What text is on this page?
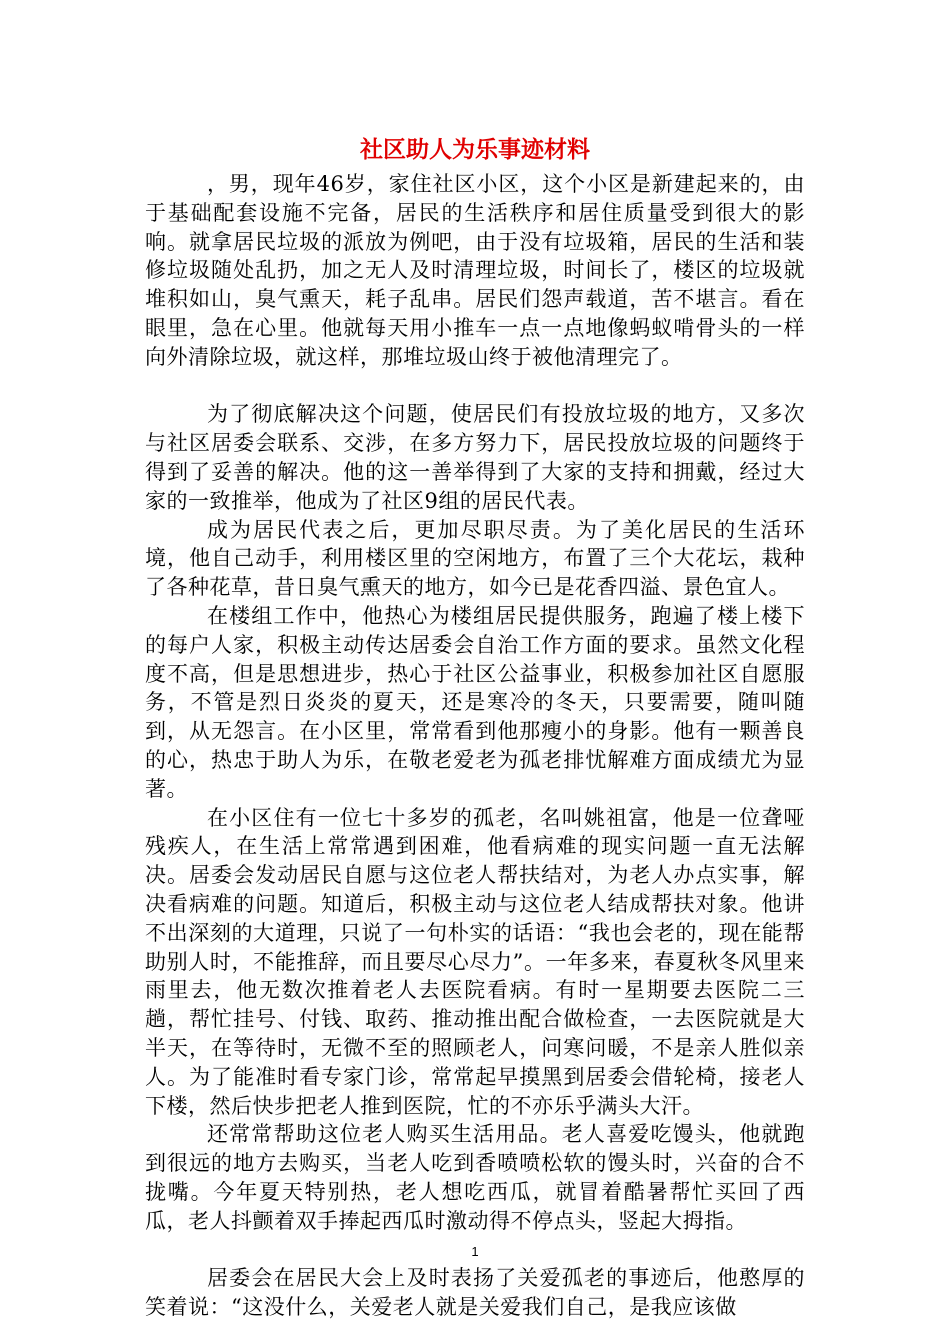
社区助人为乐事迹材料

，男，现年46岁，家住社区小区，这个小区是新建起来的，由于基础配套设施不完备，居民的生活秩序和居住质量受到很大的影响。就拿居民垃圾的派放为例吧，由于没有垃圾箱，居民的生活和装修垃圾随处乱扔，加之无人及时清理垃圾，时间长了，楼区的垃圾就堆积如山，臭气熏天，耗子乱串。居民们怨声载道，苦不堪言。看在眼里，急在心里。他就每天用小推车一点一点地像蚂蚁啃骨头的一样向外清除垃圾，就这样，那堆垃圾山终于被他清理完了。

为了彻底解决这个问题，使居民们有投放垃圾的地方，又多次与社区居委会联系、交涉，在多方努力下，居民投放垃圾的问题终于得到了妥善的解决。他的这一善举得到了大家的支持和拥戴，经过大家的一致推举，他成为了社区9组的居民代表。

成为居民代表之后，更加尽职尽责。为了美化居民的生活环境，他自己动手，利用楼区里的空闲地方，布置了三个大花坛，栽种了各种花草，昔日臭气熏天的地方，如今已是花香四溢、景色宜人。

在楼组工作中，他热心为楼组居民提供服务，跑遍了楼上楼下的每户人家，积极主动传达居委会自治工作方面的要求。虽然文化程度不高，但是思想进步，热心于社区公益事业，积极参加社区自愿服务，不管是烈日炎炎的夏天，还是寒冷的冬天，只要需要，随叫随到，从无怨言。在小区里，常常看到他那瘦小的身影。他有一颗善良的心，热忠于助人为乐，在敬老爱老为孤老排忧解难方面成绩尤为显著。

在小区住有一位七十多岁的孤老，名叫姚祖富，他是一位聋哑残疾人，在生活上常常遇到困难，他看病难的现实问题一直无法解决。居委会发动居民自愿与这位老人帮扶结对，为老人办点实事，解决看病难的问题。知道后，积极主动与这位老人结成帮扶对象。他讲不出深刻的大道理，只说了一句朴实的话语：“我也会老的，现在能帮助别人时，不能推辞，而且要尽心尽力”。一年多来，春夏秋冬风里来雨里去，他无数次推着老人去医院看病。有时一星期要去医院二三趟，帮忙挂号、付钱、取药、推动推出配合做检查，一去医院就是大半天，在等待时，无微不至的照顾老人，问寒问暖，不是亲人胜似亲人。为了能准时看专家门诊，常常起早摸黑到居委会借轮椅，接老人下楼，然后快步把老人推到医院，忙的不亦乐乎满头大汗。

还常常帮助这位老人购买生活用品。老人喜爱吃馒头，他就跑到很远的地方去购买，当老人吃到香喷喷松软的馒头时，兴奋的合不拢嘴。今年夏天特别热，老人想吃西瓜，就冒着酷暑帮忙买回了西瓜，老人抖颤着双手捧起西瓜时激动得不停点头，竖起大拇指。

居委会在居民大会上及时表扬了关爱孤老的事迹后，他憨厚的笑着说：“这没什么，关爱老人就是关爱我们自己，是我应该做

1
